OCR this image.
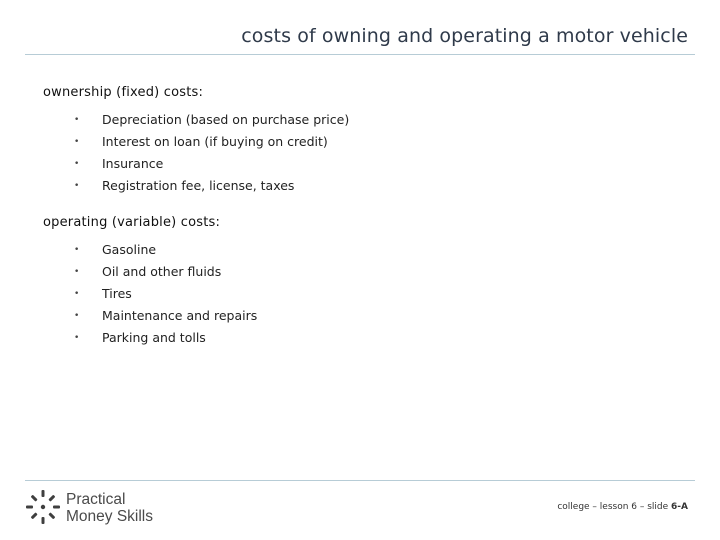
costs of owning and operating a motor vehicle
ownership (fixed) costs:
• Depreciation (based on purchase price)
• Interest on loan (if buying on credit)
• Insurance
• Registration fee, license, taxes
operating (variable) costs:
• Gasoline
• Oil and other fluids
• Tires
• Maintenance and repairs
• Parking and tolls
Practical
Money Skills
college – lesson 6 – slide 6-A
